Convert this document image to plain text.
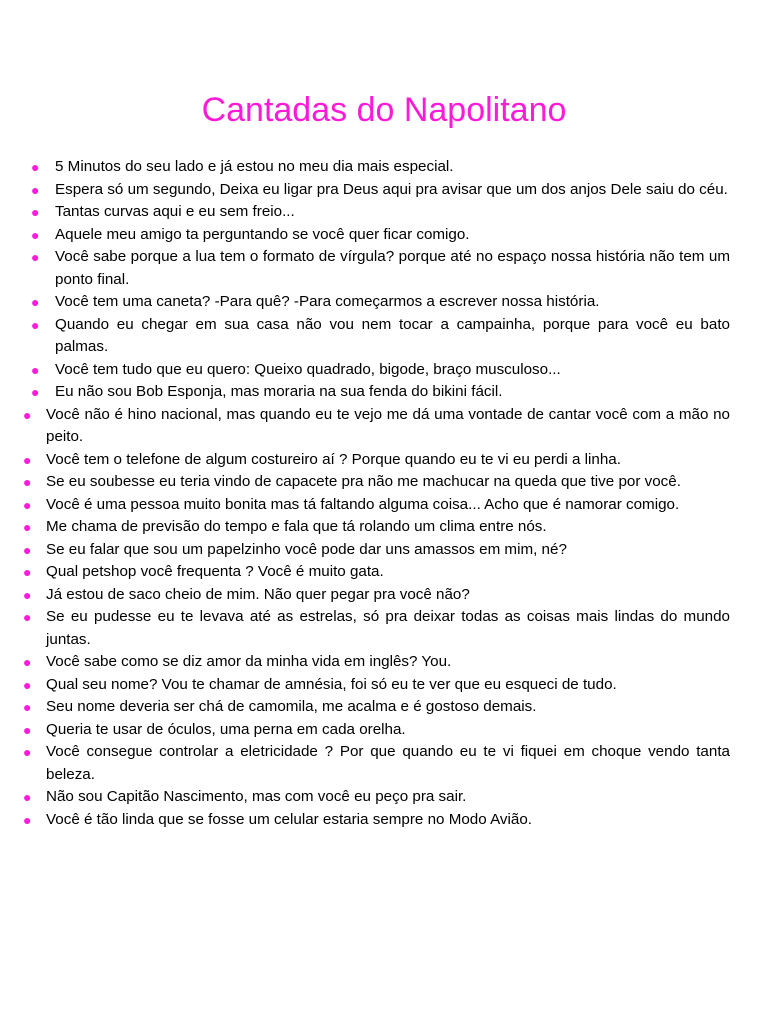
Cantadas do Napolitano
● 5 Minutos do seu lado e já estou no meu dia mais especial.
● Espera só um segundo, Deixa eu ligar pra Deus aqui pra avisar que um dos anjos Dele saiu do céu.
● Tantas curvas aqui e eu sem freio...
● Aquele meu amigo ta perguntando se você quer ficar comigo.
● Você sabe porque a lua tem o formato de vírgula? porque até no espaço nossa história não tem um ponto final.
● Você tem uma caneta? -Para quê? -Para começarmos a escrever nossa história.
● Quando eu chegar em sua casa não vou nem tocar a campainha, porque para você eu bato palmas.
● Você tem tudo que eu quero: Queixo quadrado, bigode, braço musculoso...
● Eu não sou Bob Esponja, mas moraria na sua fenda do bikini fácil.
● Você não é hino nacional, mas quando eu te vejo me dá uma vontade de cantar você com a mão no peito.
● Você tem o telefone de algum costureiro aí ? Porque quando eu te vi eu perdi a linha.
● Se eu soubesse eu teria vindo de capacete pra não me machucar na queda que tive por você.
● Você é uma pessoa muito bonita mas tá faltando alguma coisa... Acho que é namorar comigo.
● Me chama de previsão do tempo e fala que tá rolando um clima entre nós.
● Se eu falar que sou um papelzinho você pode dar uns amassos em mim, né?
● Qual petshop você frequenta ? Você é muito gata.
● Já estou de saco cheio de mim. Não quer pegar pra você não?
● Se eu pudesse eu te levava até as estrelas, só pra deixar todas as coisas mais lindas do mundo juntas.
● Você sabe como se diz amor da minha vida em inglês? You.
● Qual seu nome? Vou te chamar de amnésia, foi só eu te ver que eu esqueci de tudo.
● Seu nome deveria ser chá de camomila, me acalma e é gostoso demais.
● Queria te usar de óculos, uma perna em cada orelha.
● Você consegue controlar a eletricidade ? Por que quando eu te vi fiquei em choque vendo tanta beleza.
● Não sou Capitão Nascimento, mas com você eu peço pra sair.
● Você é tão linda que se fosse um celular estaria sempre no Modo Avião.
